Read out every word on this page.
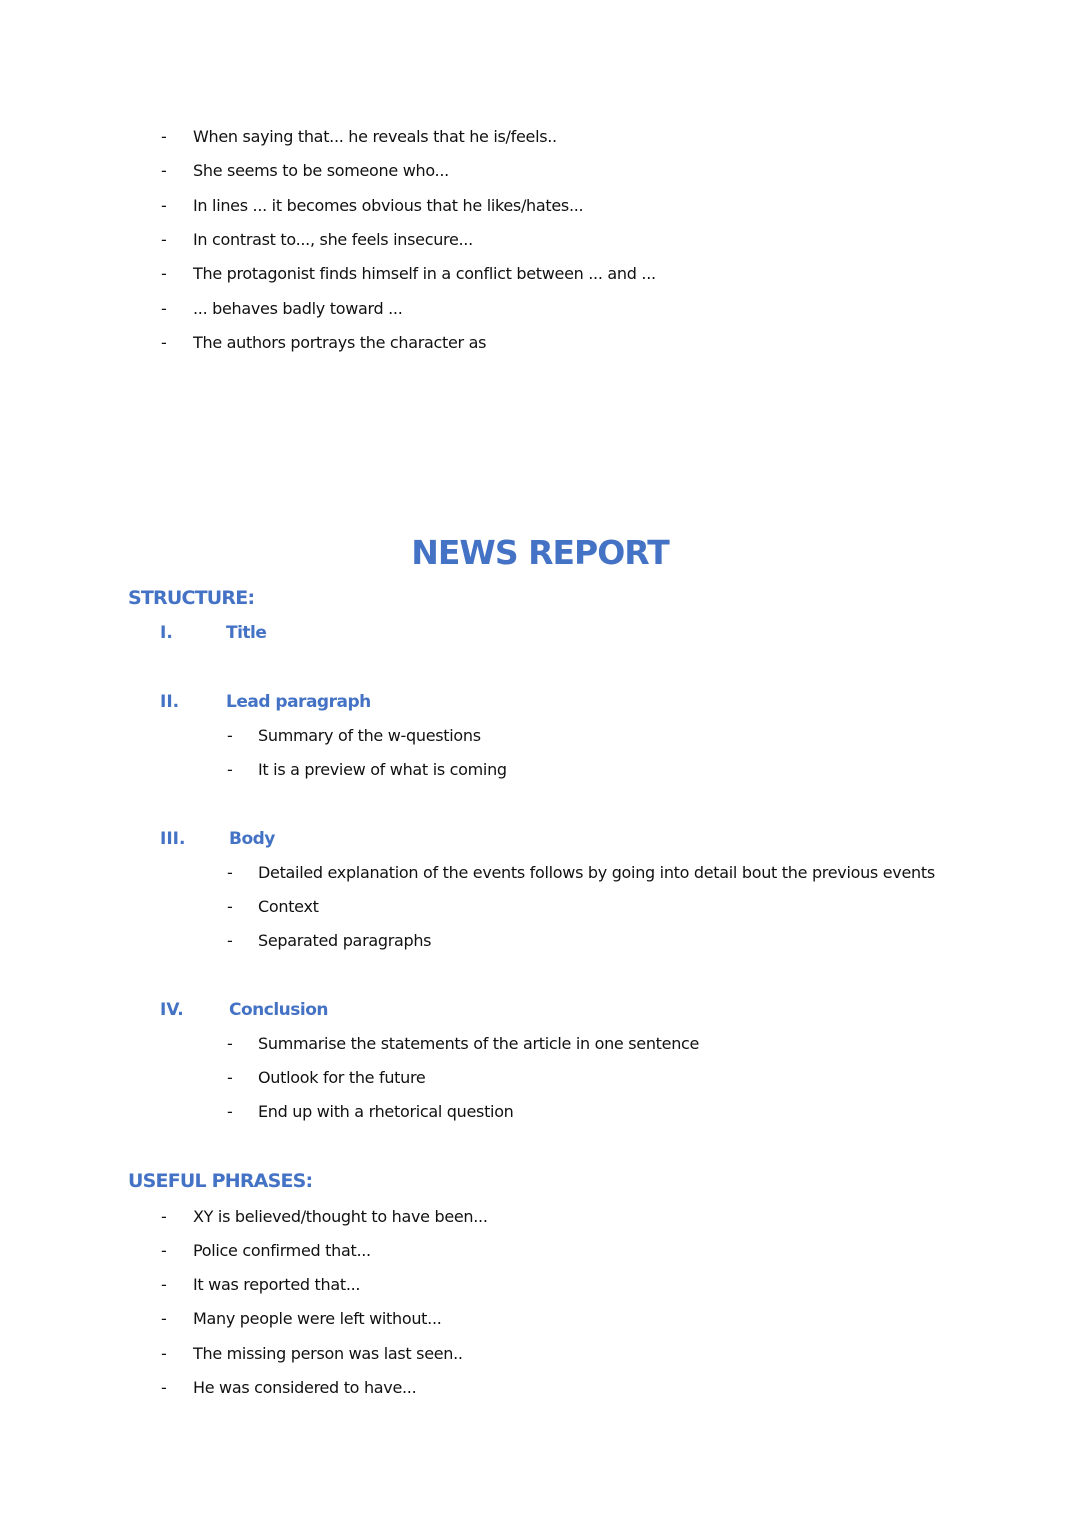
- When saying that... he reveals that he is/feels..
- She seems to be someone who...
- In lines ... it becomes obvious that he likes/hates...
- In contrast to..., she feels insecure...
- The protagonist finds himself in a conflict between ... and ...
- ... behaves badly toward ...
- The authors portrays the character as
NEWS REPORT
STRUCTURE:
I.	Title
II.	Lead paragraph
- Summary of the w-questions
- It is a preview of what is coming
III.	Body
- Detailed explanation of the events follows by going into detail bout the previous events
- Context
- Separated paragraphs
IV.	Conclusion
- Summarise the statements of the article in one sentence
- Outlook for the future
- End up with a rhetorical question
USEFUL PHRASES:
- XY is believed/thought to have been...
- Police confirmed that...
- It was reported that...
- Many people were left without...
- The missing person was last seen..
- He was considered to have...
